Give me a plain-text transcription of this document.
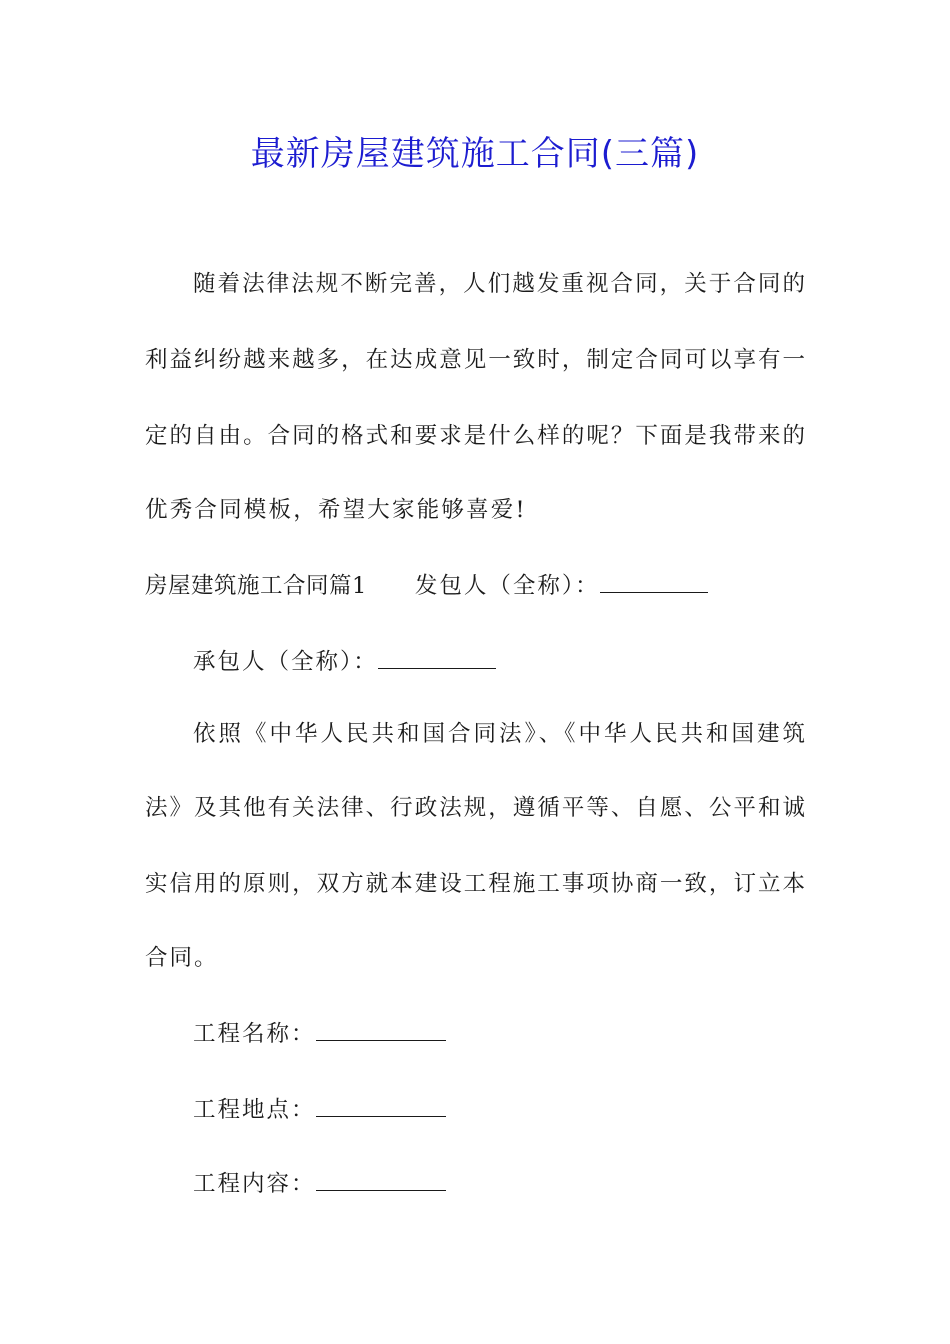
最新房屋建筑施工合同(三篇)
随着法律法规不断完善，人们越发重视合同，关于合同的
利益纠纷越来越多，在达成意见一致时，制定合同可以享有一
定的自由。合同的格式和要求是什么样的呢？下面是我带来的
优秀合同模板，希望大家能够喜爱!
房屋建筑施工合同篇1 发包人（全称）：
承包人（全称）：
依照《中华人民共和国合同法》、《中华人民共和国建筑
法》及其他有关法律、行政法规，遵循平等、自愿、公平和诚
实信用的原则，双方就本建设工程施工事项协商一致，订立本
合同。
工程名称：
工程地点：
工程内容：
